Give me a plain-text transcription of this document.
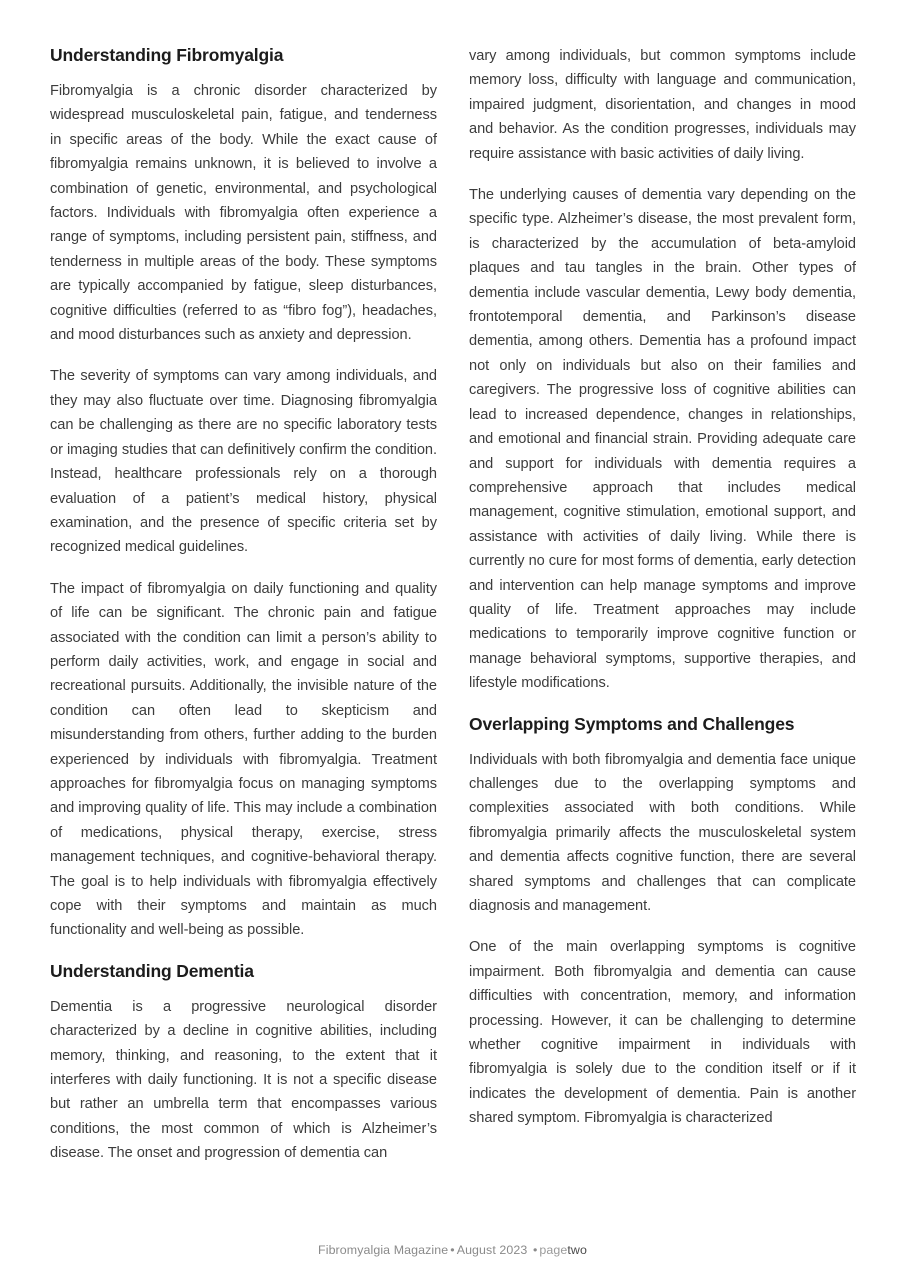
Understanding Fibromyalgia

Fibromyalgia is a chronic disorder characterized by widespread musculoskeletal pain, fatigue, and tenderness in specific areas of the body. While the exact cause of fibromyalgia remains unknown, it is believed to involve a combination of genetic, environmental, and psychological factors. Individuals with fibromyalgia often experience a range of symptoms, including persistent pain, stiffness, and tenderness in multiple areas of the body. These symptoms are typically accompanied by fatigue, sleep disturbances, cognitive difficulties (referred to as “fibro fog”), headaches, and mood disturbances such as anxiety and depression.

The severity of symptoms can vary among individuals, and they may also fluctuate over time. Diagnosing fibromyalgia can be challenging as there are no specific laboratory tests or imaging studies that can definitively confirm the condition. Instead, healthcare professionals rely on a thorough evaluation of a patient’s medical history, physical examination, and the presence of specific criteria set by recognized medical guidelines.

The impact of fibromyalgia on daily functioning and quality of life can be significant. The chronic pain and fatigue associated with the condition can limit a person’s ability to perform daily activities, work, and engage in social and recreational pursuits. Additionally, the invisible nature of the condition can often lead to skepticism and misunderstanding from others, further adding to the burden experienced by individuals with fibromyalgia. Treatment approaches for fibromyalgia focus on managing symptoms and improving quality of life. This may include a combination of medications, physical therapy, exercise, stress management techniques, and cognitive-behavioral therapy. The goal is to help individuals with fibromyalgia effectively cope with their symptoms and maintain as much functionality and well-being as possible.

Understanding Dementia

Dementia is a progressive neurological disorder characterized by a decline in cognitive abilities, including memory, thinking, and reasoning, to the extent that it interferes with daily functioning. It is not a specific disease but rather an umbrella term that encompasses various conditions, the most common of which is Alzheimer’s disease. The onset and progression of dementia can

vary among individuals, but common symptoms include memory loss, difficulty with language and communication, impaired judgment, disorientation, and changes in mood and behavior. As the condition progresses, individuals may require assistance with basic activities of daily living.

The underlying causes of dementia vary depending on the specific type. Alzheimer’s disease, the most prevalent form, is characterized by the accumulation of beta-amyloid plaques and tau tangles in the brain. Other types of dementia include vascular dementia, Lewy body dementia, frontotemporal dementia, and Parkinson’s disease dementia, among others. Dementia has a profound impact not only on individuals but also on their families and caregivers. The progressive loss of cognitive abilities can lead to increased dependence, changes in relationships, and emotional and financial strain. Providing adequate care and support for individuals with dementia requires a comprehensive approach that includes medical management, cognitive stimulation, emotional support, and assistance with activities of daily living. While there is currently no cure for most forms of dementia, early detection and intervention can help manage symptoms and improve quality of life. Treatment approaches may include medications to temporarily improve cognitive function or manage behavioral symptoms, supportive therapies, and lifestyle modifications.

Overlapping Symptoms and Challenges

Individuals with both fibromyalgia and dementia face unique challenges due to the overlapping symptoms and complexities associated with both conditions. While fibromyalgia primarily affects the musculoskeletal system and dementia affects cognitive function, there are several shared symptoms and challenges that can complicate diagnosis and management.

One of the main overlapping symptoms is cognitive impairment. Both fibromyalgia and dementia can cause difficulties with concentration, memory, and information processing. However, it can be challenging to determine whether cognitive impairment in individuals with fibromyalgia is solely due to the condition itself or if it indicates the development of dementia. Pain is another shared symptom. Fibromyalgia is characterized

Fibromyalgia Magazine • August 2023 • pagetwo
